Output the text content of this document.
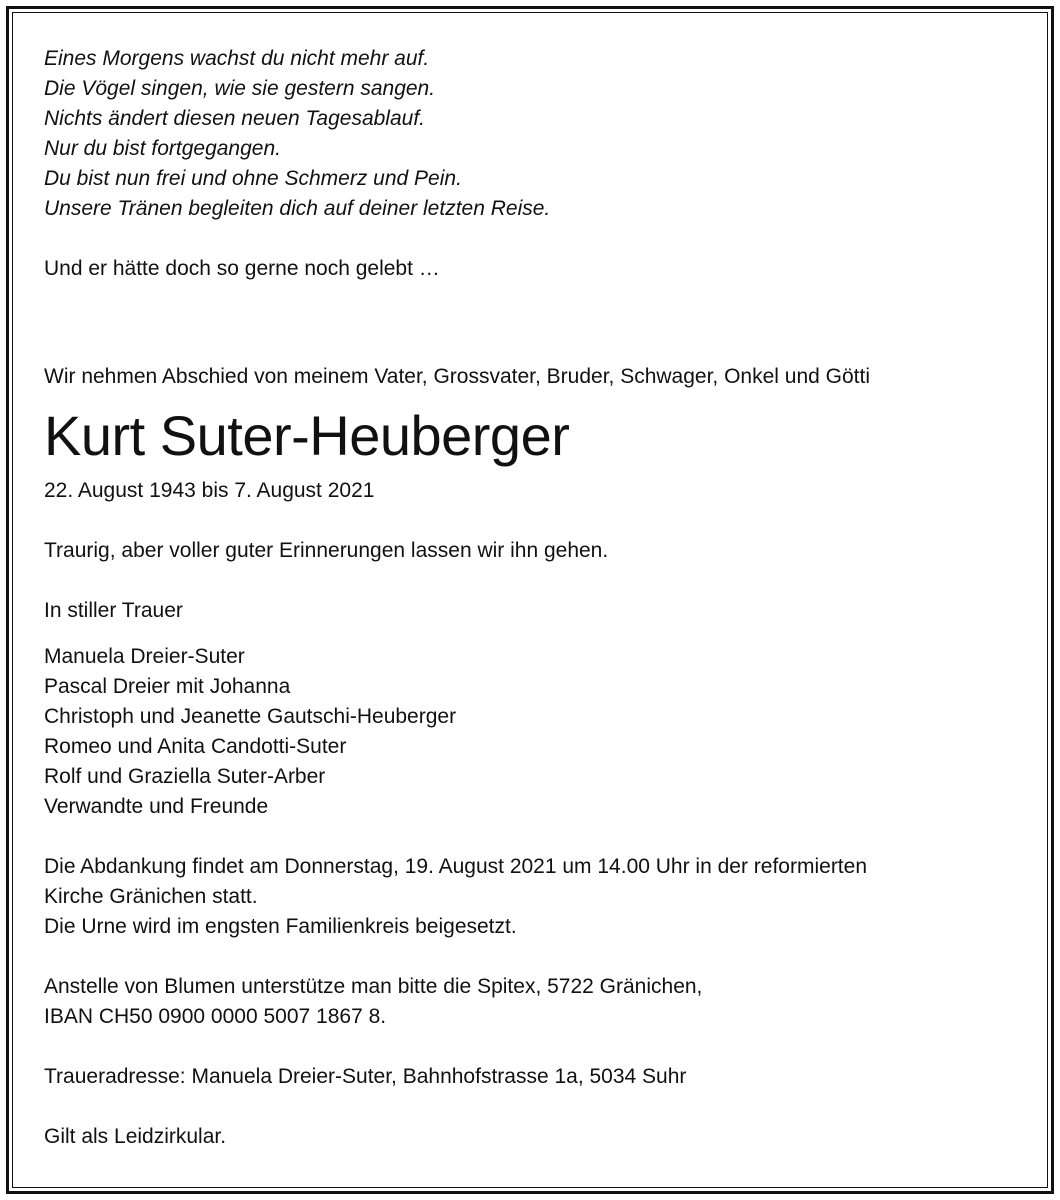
Eines Morgens wachst du nicht mehr auf.
Die Vögel singen, wie sie gestern sangen.
Nichts ändert diesen neuen Tagesablauf.
Nur du bist fortgegangen.
Du bist nun frei und ohne Schmerz und Pein.
Unsere Tränen begleiten dich auf deiner letzten Reise.
Und er hätte doch so gerne noch gelebt …
Wir nehmen Abschied von meinem Vater, Grossvater, Bruder, Schwager, Onkel und Götti
Kurt Suter-Heuberger
22. August 1943 bis 7. August 2021
Traurig, aber voller guter Erinnerungen lassen wir ihn gehen.
In stiller Trauer
Manuela Dreier-Suter
Pascal Dreier mit Johanna
Christoph und Jeanette Gautschi-Heuberger
Romeo und Anita Candotti-Suter
Rolf und Graziella Suter-Arber
Verwandte und Freunde
Die Abdankung findet am Donnerstag, 19. August 2021 um 14.00 Uhr in der reformierten
Kirche Gränichen statt.
Die Urne wird im engsten Familienkreis beigesetzt.
Anstelle von Blumen unterstütze man bitte die Spitex, 5722 Gränichen,
IBAN CH50 0900 0000 5007 1867 8.
Traueradresse: Manuela Dreier-Suter, Bahnhofstrasse 1a, 5034 Suhr
Gilt als Leidzirkular.
